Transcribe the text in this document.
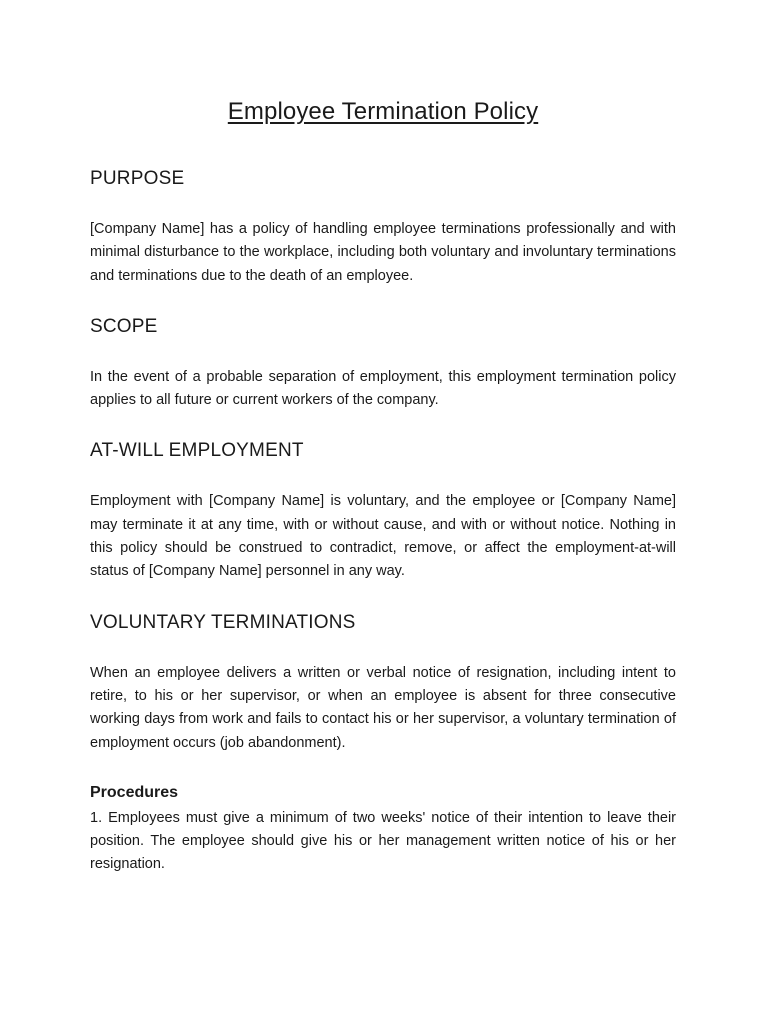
Employee Termination Policy
PURPOSE

[Company Name] has a policy of handling employee terminations professionally and with minimal disturbance to the workplace, including both voluntary and involuntary terminations and terminations due to the death of an employee.

SCOPE

In the event of a probable separation of employment, this employment termination policy applies to all future or current workers of the company.

AT-WILL EMPLOYMENT

Employment with [Company Name] is voluntary, and the employee or [Company Name] may terminate it at any time, with or without cause, and with or without notice. Nothing in this policy should be construed to contradict, remove, or affect the employment-at-will status of [Company Name] personnel in any way.

VOLUNTARY TERMINATIONS

When an employee delivers a written or verbal notice of resignation, including intent to retire, to his or her supervisor, or when an employee is absent for three consecutive working days from work and fails to contact his or her supervisor, a voluntary termination of employment occurs (job abandonment).

Procedures

1. Employees must give a minimum of two weeks' notice of their intention to leave their position. The employee should give his or her management written notice of his or her resignation.
